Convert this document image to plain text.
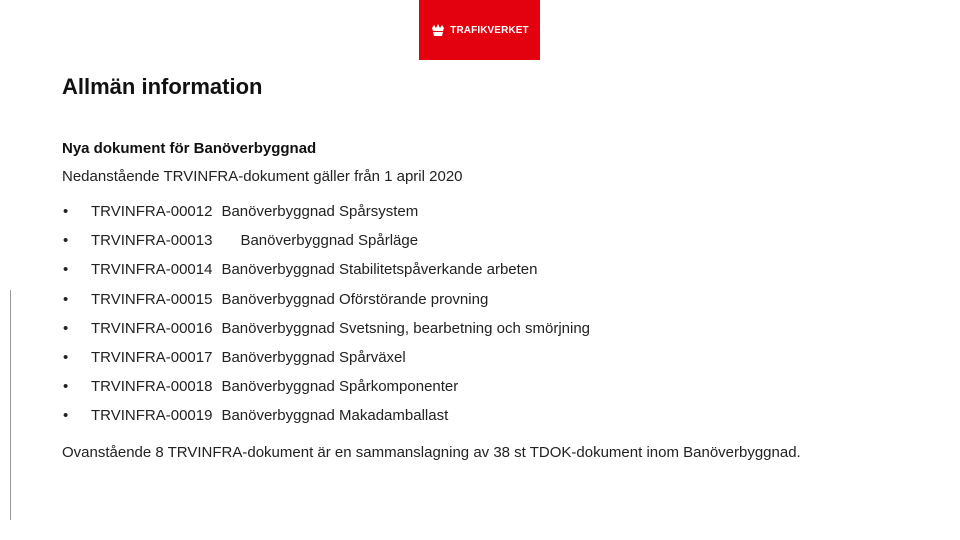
TRAFIKVERKET
Allmän information
Nya dokument för Banöverbyggnad

Nedanstående TRVINFRA-dokument gäller från 1 april 2020

•	TRVINFRA-00012 Banöverbyggnad Spårsystem
•	TRVINFRA-00013 Banöverbyggnad Spårläge
•	TRVINFRA-00014 Banöverbyggnad Stabilitetspåverkande arbeten
•	TRVINFRA-00015 Banöverbyggnad Oförstörande provning
•	TRVINFRA-00016 Banöverbyggnad Svetsning, bearbetning och smörjning
•	TRVINFRA-00017 Banöverbyggnad Spårväxel
•	TRVINFRA-00018 Banöverbyggnad Spårkomponenter
•	TRVINFRA-00019 Banöverbyggnad Makadamballast

Ovanstående 8 TRVINFRA-dokument är en sammanslagning av 38 st TDOK-dokument inom Banöverbyggnad.
